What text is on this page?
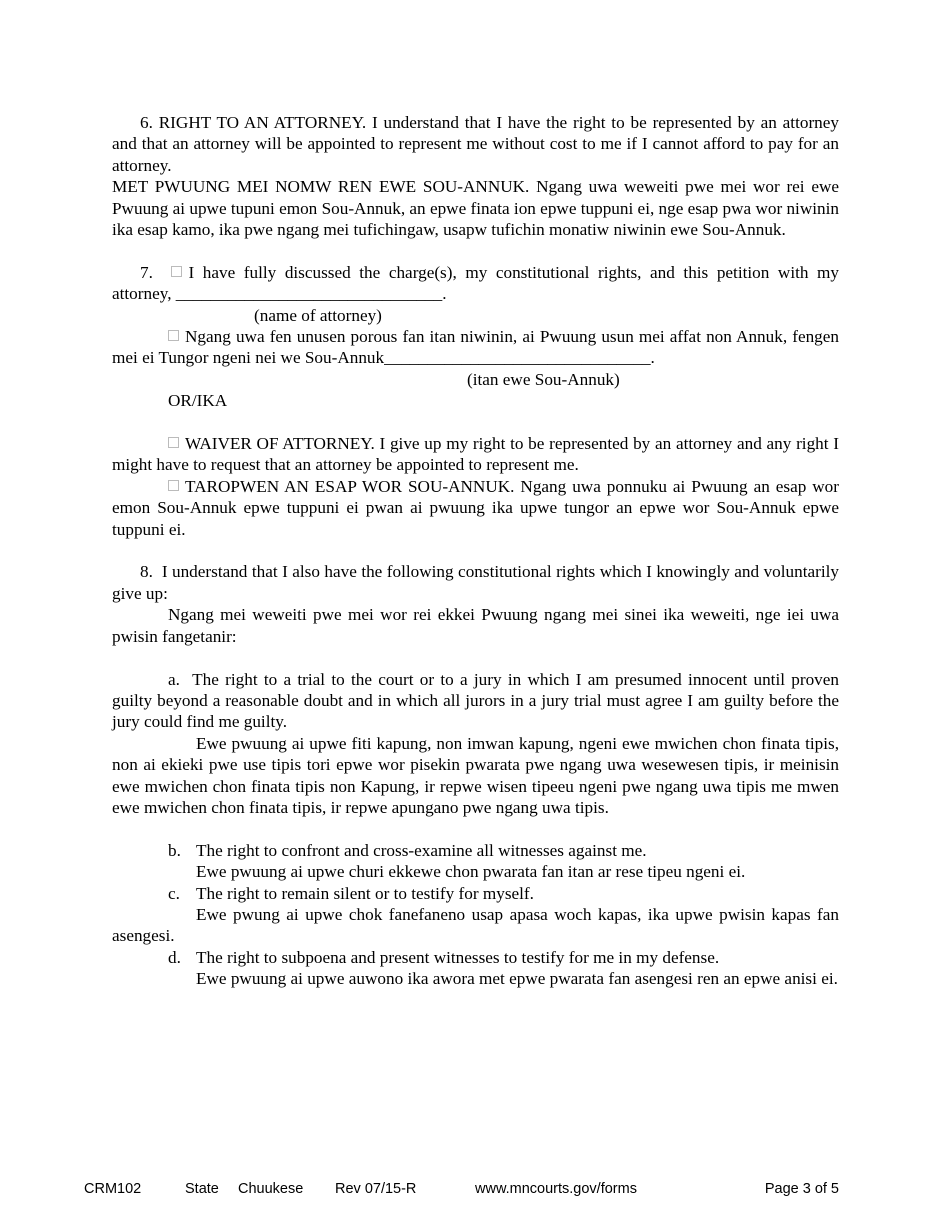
6. RIGHT TO AN ATTORNEY. I understand that I have the right to be represented by an attorney and that an attorney will be appointed to represent me without cost to me if I cannot afford to pay for an attorney.

MET PWUUNG MEI NOMW REN EWE SOU-ANNUK. Ngang uwa weweiti pwe mei wor rei ewe Pwuung ai upwe tupuni emon Sou-Annuk, an epwe finata ion epwe tuppuni ei, nge esap pwa wor niwinin ika esap kamo, ika pwe ngang mei tufichingaw, usapw tufichin monatiw niwinin ewe Sou-Annuk.

7. I have fully discussed the charge(s), my constitutional rights, and this petition with my attorney, _______________________________.

(name of attorney)

Ngang uwa fen unusen porous fan itan niwinin, ai Pwuung usun mei affat non Annuk, fengen mei ei Tungor ngeni nei we Sou-Annuk_______________________________.

(itan ewe Sou-Annuk)

OR/IKA

WAIVER OF ATTORNEY. I give up my right to be represented by an attorney and any right I might have to request that an attorney be appointed to represent me.

TAROPWEN AN ESAP WOR SOU-ANNUK. Ngang uwa ponnuku ai Pwuung an esap wor emon Sou-Annuk epwe tuppuni ei pwan ai pwuung ika upwe tungor an epwe wor Sou-Annuk epwe tuppuni ei.

8. I understand that I also have the following constitutional rights which I knowingly and voluntarily give up:

Ngang mei weweiti pwe mei wor rei ekkei Pwuung ngang mei sinei ika weweiti, nge iei uwa pwisin fangetanir:

a. The right to a trial to the court or to a jury in which I am presumed innocent until proven guilty beyond a reasonable doubt and in which all jurors in a jury trial must agree I am guilty before the jury could find me guilty.

Ewe pwuung ai upwe fiti kapung, non imwan kapung, ngeni ewe mwichen chon finata tipis, non ai ekieki pwe use tipis tori epwe wor pisekin pwarata pwe ngang uwa wesewesen tipis, ir meinisin ewe mwichen chon finata tipis non Kapung, ir repwe wisen tipeeu ngeni pwe ngang uwa tipis me mwen ewe mwichen chon finata tipis, ir repwe apungano pwe ngang uwa tipis.

b. The right to confront and cross-examine all witnesses against me.

Ewe pwuung ai upwe churi ekkewe chon pwarata fan itan ar rese tipeu ngeni ei.

c. The right to remain silent or to testify for myself.

Ewe pwung ai upwe chok fanefaneno usap apasa woch kapas, ika upwe pwisin kapas fan asengesi.

d. The right to subpoena and present witnesses to testify for me in my defense.

Ewe pwuung ai upwe auwono ika awora met epwe pwarata fan asengesi ren an epwe anisi ei.

CRM102	State Chuukese Rev 07/15-R	www.mncourts.gov/forms	Page 3 of 5
